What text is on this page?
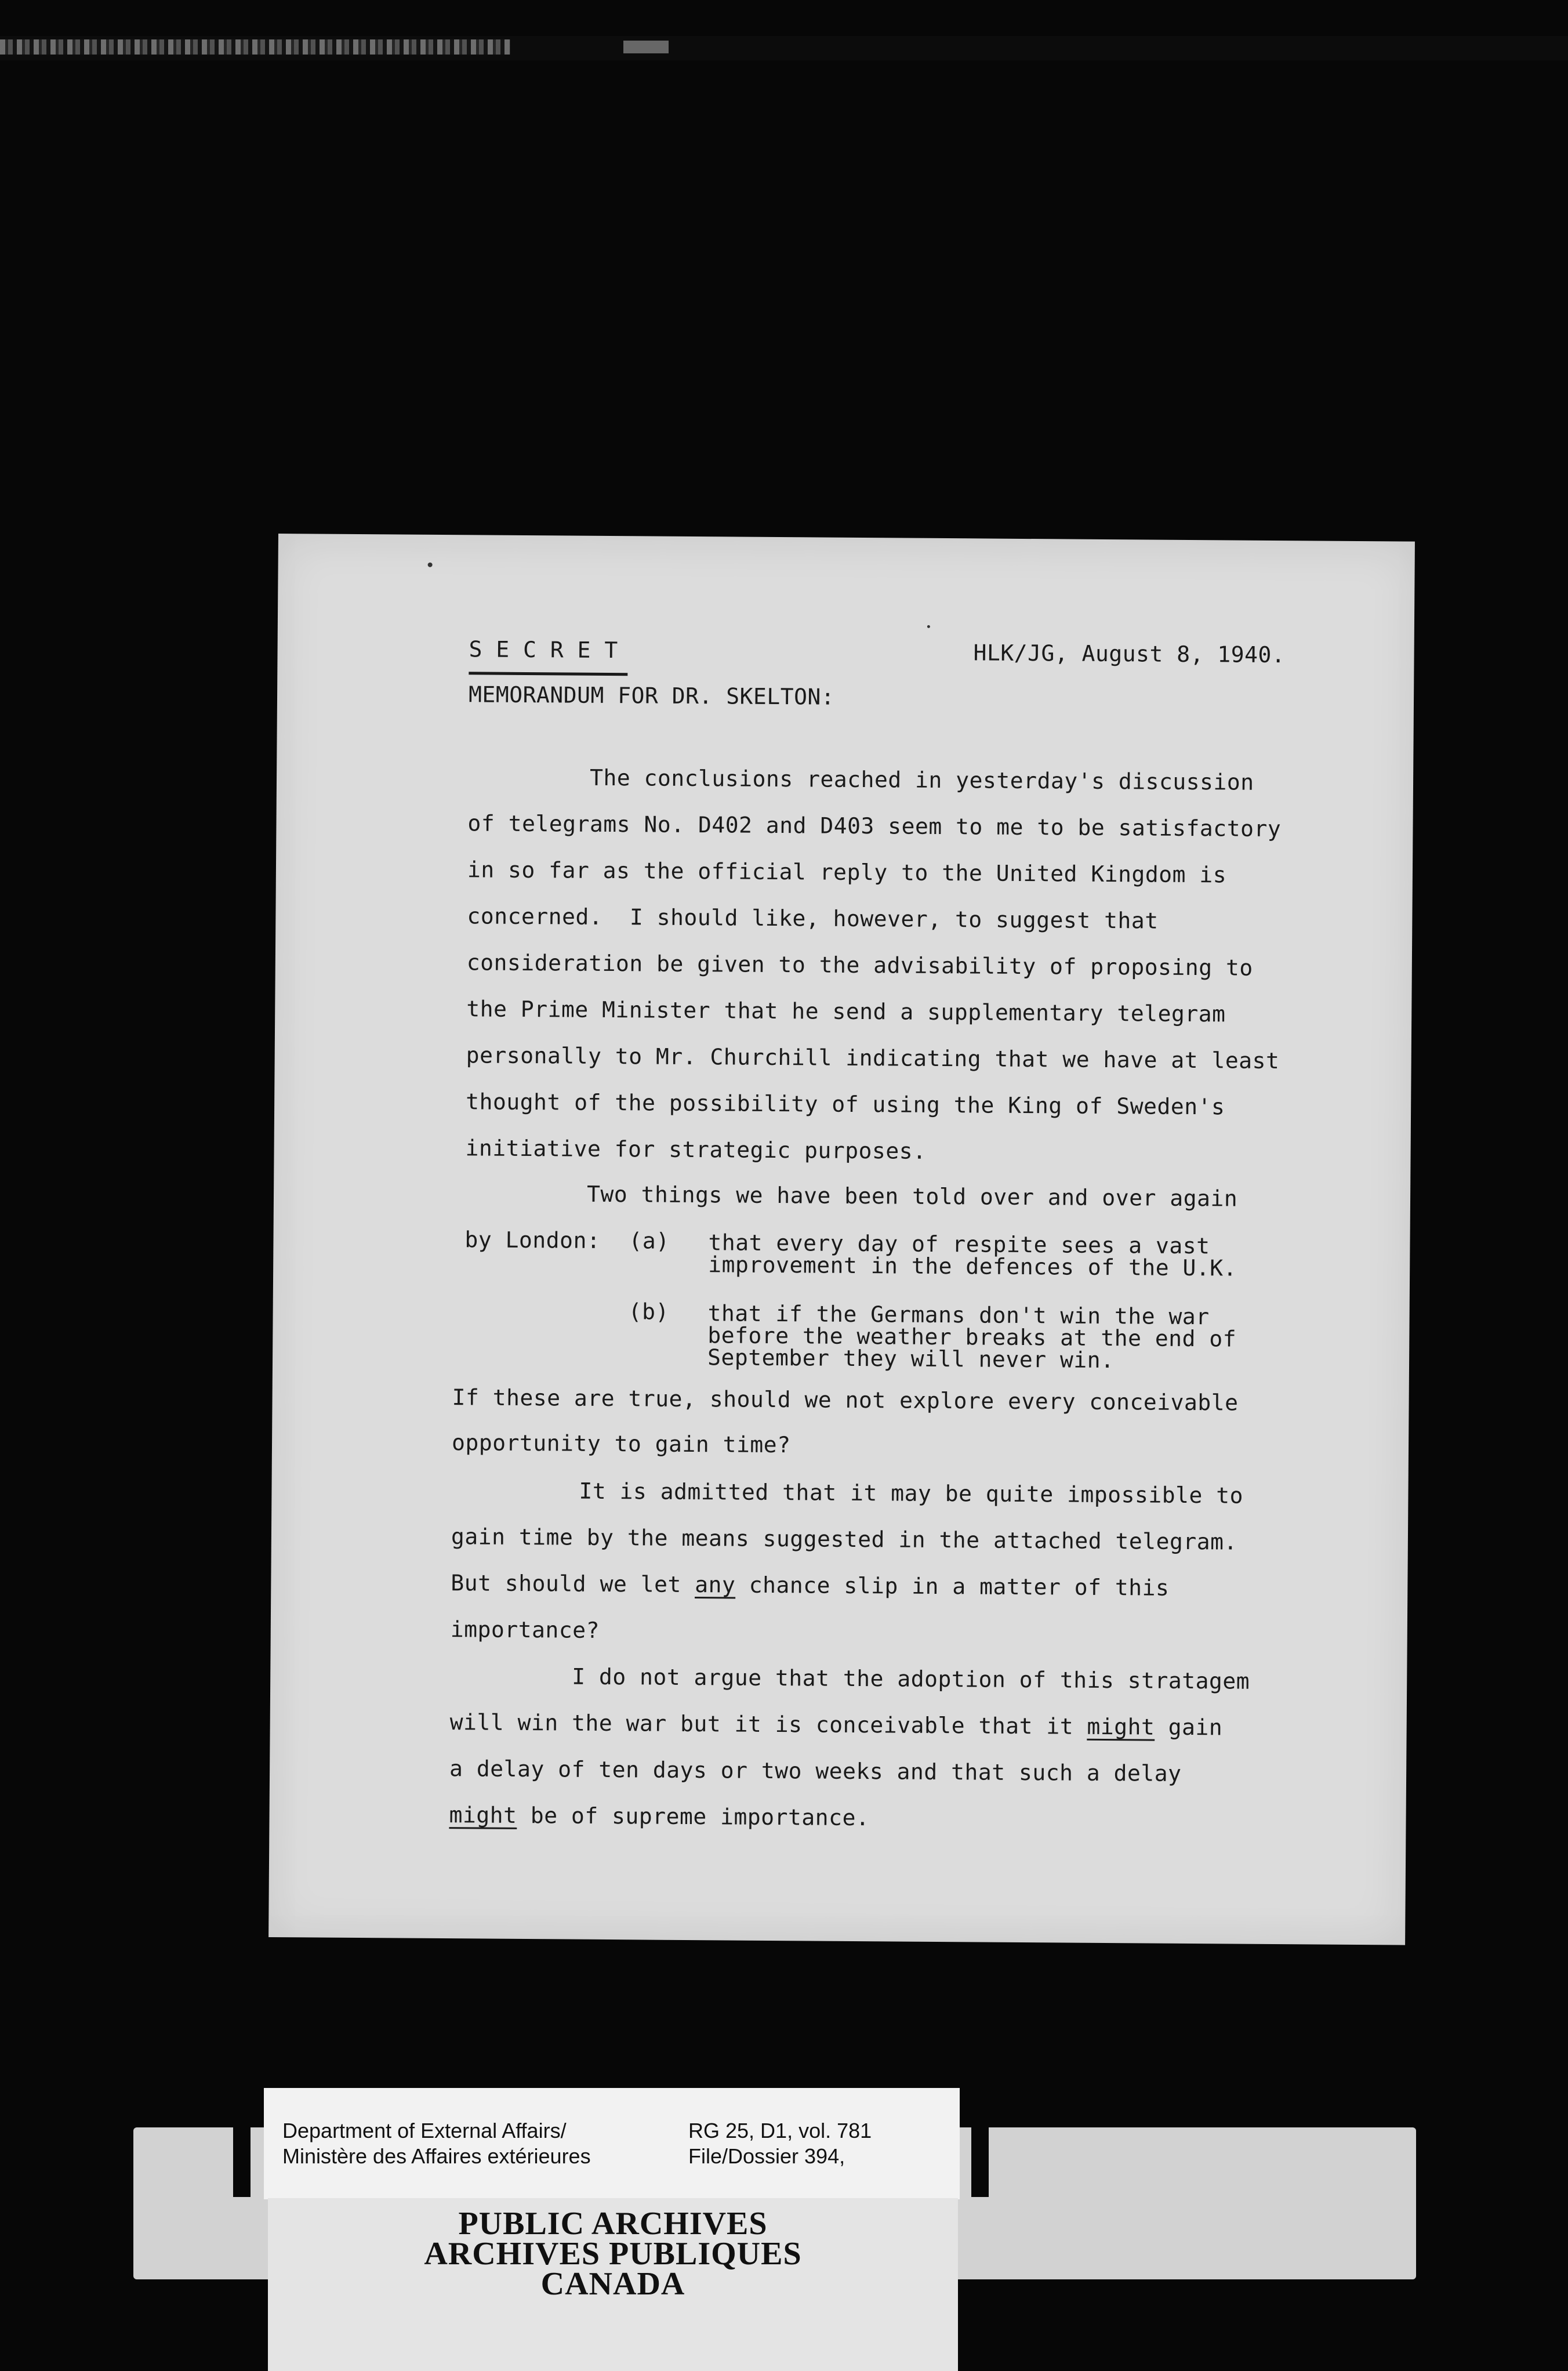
S E C R E T	HLK/JG, August 8, 1940.

MEMORANDUM FOR DR. SKELTON:

The conclusions reached in yesterday's discussion

of telegrams No. D402 and D403 seem to me to be satisfactory

in so far as the official reply to the United Kingdom is

concerned.  I should like, however, to suggest that

consideration be given to the advisability of proposing to

the Prime Minister that he send a supplementary telegram

personally to Mr. Churchill indicating that we have at least

thought of the possibility of using the King of Sweden's

initiative for strategic purposes.

Two things we have been told over and over again

by London: (a) that every day of respite sees a vast

improvement in the defences of the U.K.

(b) that if the Germans don't win the war

before the weather breaks at the end of

September they will never win.

If these are true, should we not explore every conceivable

opportunity to gain time?

It is admitted that it may be quite impossible to

gain time by the means suggested in the attached telegram.

But should we let any chance slip in a matter of this

importance?

I do not argue that the adoption of this stratagem

will win the war but it is conceivable that it might gain

a delay of ten days or two weeks and that such a delay

might be of supreme importance.

Department of External Affairs/

Ministère des Affaires extérieures

RG 25, D1, vol. 781

File/Dossier 394,

PUBLIC ARCHIVES

ARCHIVES PUBLIQUES

CANADA
